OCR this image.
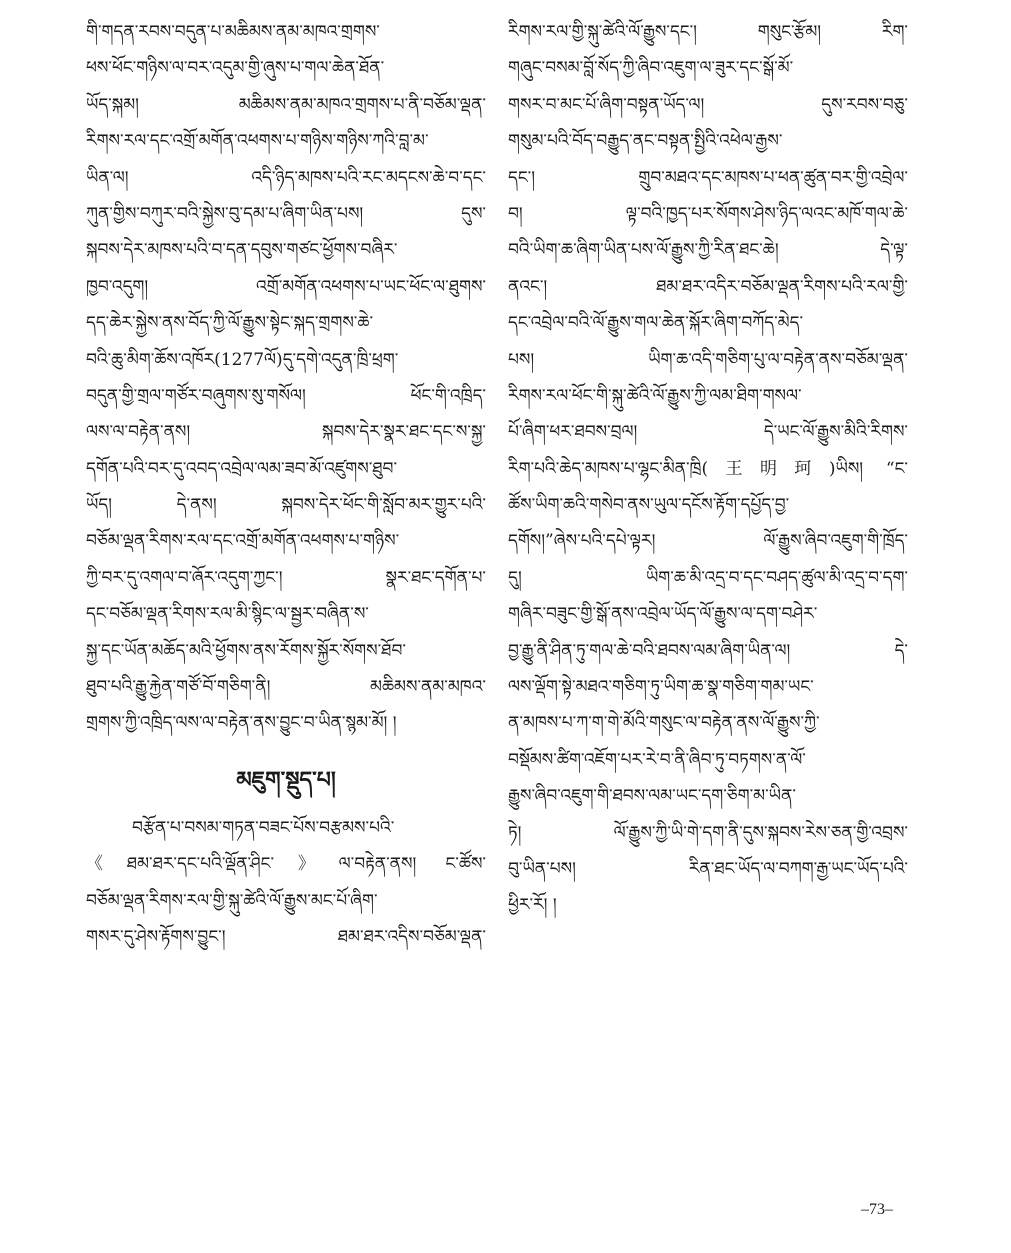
གི་གདན་རབས་བདུན་པ་མཆིམས་ནམ་མཁའ་གྲགས་
ཕས་ཕོང་གཉིས་ལ་བར་འདུམ་གྱི་ཞུས་པ་གལ་ཆེན་ཐོན་
ཡོད་སྐམ། མཆིམས་ནམ་མཁའ་གྲགས་པ་ནི་བཅོམ་ལྡན་
རིགས་རལ་དང་འགྲོ་མགོན་འཕགས་པ་གཉིས་གཉིས་ཀའི་བླ་མ་
ཡིན་ལ། འདི་ཉིད་མཁས་པའི་རང་མདངས་ཆེ་བ་དང་
ཀུན་གྱིས་བཀུར་བའི་སྐྱེས་བུ་དམ་པ་ཞིག་ཡིན་པས། དུས་
སྐབས་དེར་མཁས་པའི་བ་དན་དབུས་གཙང་ཕྱོགས་བཞིར་
ཁྱབ་འདུག། འགྲོ་མགོན་འཕགས་པ་ཡང་ཕོང་ལ་ཐུགས་
དད་ཆེར་སྐྱེས་ནས་བོད་ཀྱི་ལོ་རྒྱུས་སྟེང་སྐད་གྲགས་ཆེ་
བའི་ཆུ་མིག་ཆོས་འཁོར(1277ལོ)དུ་དགེ་འདུན་ཁྲི་ཕྲག་
བདུན་གྱི་གྲལ་གཙོར་བཞུགས་སུ་གསོལ། ཕོང་གི་འཁྲིད་
ལས་ལ་བརྟེན་ནས། སྐབས་དེར་སྣར་ཐང་དང་ས་སྐྱ་
དགོན་པའི་བར་དུ་འབད་འབྲེལ་ལམ་ཟབ་མོ་འཛུགས་ཐུབ་
ཡོད། དེ་ནས། སྐབས་དེར་ཕོང་གི་སློབ་མར་གྱུར་པའི་
བཅོམ་ལྡན་རིགས་རལ་དང་འགྲོ་མགོན་འཕགས་པ་གཉིས་
ཀྱི་བར་དུ་འགལ་བ་ཞོར་འདུག་ཀྱང་། སྣར་ཐང་དགོན་པ་
དང་བཅོམ་ལྡན་རིགས་རལ་མི་སྙིང་ལ་སྦྱར་བཞིན་ས་
སྐྱ་དང་ཡོན་མཆོད་མའི་ཕྱོགས་ནས་རོགས་སྐྱོར་སོགས་ཐོབ་
ཐུབ་པའི་རྒྱུ་རྐྱེན་གཙོ་བོ་གཅིག་ནི། མཆིམས་ནམ་མཁའ་
གྲགས་ཀྱི་འཁྲིད་ལས་ལ་བརྟེན་ནས་བྱུང་བ་ཡིན་སྙམ་མོ། །
མཇུག་སྡུད་པ།
བརྩོན་པ་བསམ་གཏན་བཟང་པོས་བརྩམས་པའི་
《ཐམ་ཐར་དང་པའི་ལྡོན་ཤིང་》ལ་བརྟེན་ནས། ང་ཚོས་
བཅོམ་ལྡན་རིགས་རལ་གྱི་སྐུ་ཚེའི་ལོ་རྒྱུས་མང་པོ་ཞིག་
གསར་དུ་ཤེས་རྟོགས་བྱུང་། ཐམ་ཐར་འདིས་བཅོམ་ལྡན་
རིགས་རལ་གྱི་སྐུ་ཚེའི་ལོ་རྒྱུས་དང་། གསུང་རྩོམ། རིག་
གཞུང་བསམ་བློ་སོད་ཀྱི་ཞིབ་འཇུག་ལ་ཟུར་དང་སྒོ་མོ་
གསར་བ་མང་པོ་ཞིག་བསྟན་ཡོད་ལ། དུས་རབས་བཅུ་
གསུམ་པའི་བོད་བརྒྱུད་ནང་བསྟན་སྤྱིའི་འཕེལ་རྒྱས་
དང་། གྲུབ་མཐའ་དང་མཁས་པ་ཕན་ཚུན་བར་གྱི་འབྲེལ་
བ། ལྟ་བའི་ཁྱད་པར་སོགས་ཤེས་ཉིད་ལའང་མཁོ་གལ་ཆེ་
བའི་ཡིག་ཆ་ཞིག་ཡིན་པས་ལོ་རྒྱུས་ཀྱི་རིན་ཐང་ཆེ། དེ་ལྟ་
ནའང་། ཐམ་ཐར་འདིར་བཅོམ་ལྡན་རིགས་པའི་རལ་གྱི་
དང་འབྲེལ་བའི་ལོ་རྒྱུས་གལ་ཆེན་སྐོར་ཞིག་བཀོད་མེད་
པས། ཡིག་ཆ་འདི་གཅིག་པུ་ལ་བརྟེན་ནས་བཅོམ་ལྡན་
རིགས་རལ་ཕོང་གི་སྐུ་ཚེའི་ལོ་རྒྱུས་ཀྱི་ལམ་ཐིག་གསལ་
པོ་ཞིག་ཕར་ཐབས་བྲལ། དེ་ཡང་ལོ་རྒྱུས་མིའི་རིགས་
རིག་པའི་ཆེད་མཁས་པ་ལྷང་མིན་ཁྲི(王明珂)ཡིས། “ང་
ཚོས་ཡིག་ཆའི་གསེབ་ནས་ཡུལ་དངོས་རྟོག་དཔྱོད་བྱ་
དགོས།”ཞེས་པའི་དཔེ་ལྟར། ལོ་རྒྱུས་ཞིབ་འཇུག་གི་ཁྲོད་
དུ། ཡིག་ཆ་མི་འདྲ་བ་དང་བཤད་ཚུལ་མི་འདྲ་བ་དག་
གཞིར་བཟུང་གྱི་སྒོ་ནས་འབྲེལ་ཡོད་ལོ་རྒྱུས་ལ་དག་བཤེར་
བྱ་རྒྱུ་ནི་ཤིན་ཏུ་གལ་ཆེ་བའི་ཐབས་ལམ་ཞིག་ཡིན་ལ། དེ་
ལས་ལྡོག་སྟེ་མཐའ་གཅིག་ཏུ་ཡིག་ཆ་སྣ་གཅིག་གམ་ཡང་
ན་མཁས་པ་ཀ་ག་གེ་མོའི་གསུང་ལ་བརྟེན་ནས་ལོ་རྒྱུས་ཀྱི་
བསྡོམས་ཚིག་འཇོག་པར་རེ་བ་ནི་ཞིབ་ཏུ་བཏགས་ན་ལོ་
རྒྱུས་ཞིབ་འཇུག་གི་ཐབས་ལམ་ཡང་དག་ཅིག་མ་ཡིན་
ཏེ། ལོ་རྒྱུས་ཀྱི་ཡི་གེ་དག་ནི་དུས་སྐབས་རེས་ཅན་གྱི་འབྲས་
བུ་ཡིན་པས། རིན་ཐང་ཡོད་ལ་བཀག་རྒྱ་ཡང་ཡོད་པའི་
ཕྱིར་རོ། །
–73–
